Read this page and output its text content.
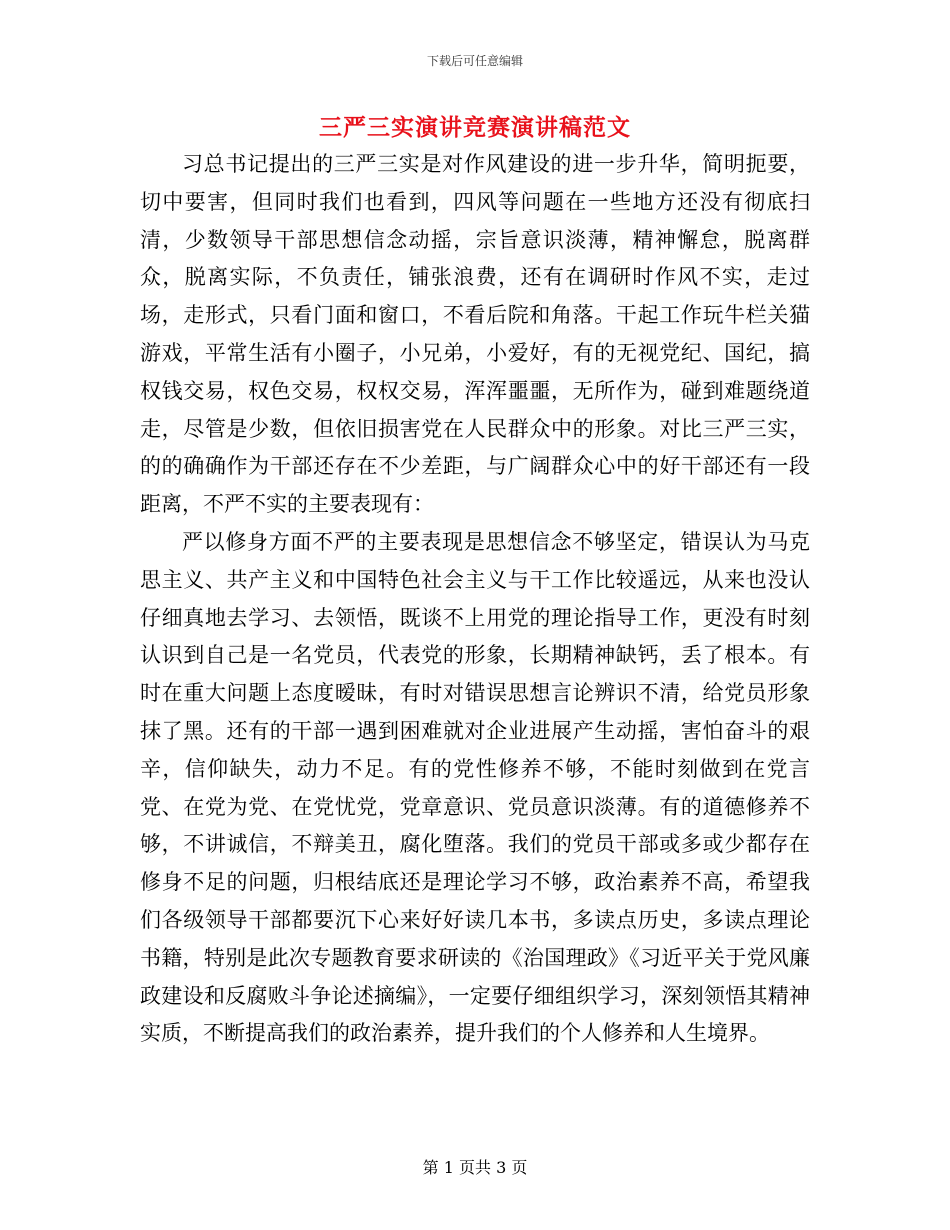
下载后可任意编辑
三严三实演讲竞赛演讲稿范文

习总书记提出的三严三实是对作风建设的进一步升华，简明扼要，切中要害，但同时我们也看到，四风等问题在一些地方还没有彻底扫清，少数领导干部思想信念动摇，宗旨意识淡薄，精神懈怠，脱离群众，脱离实际，不负责任，铺张浪费，还有在调研时作风不实，走过场，走形式，只看门面和窗口，不看后院和角落。干起工作玩牛栏关猫游戏，平常生活有小圈子，小兄弟，小爱好，有的无视党纪、国纪，搞权钱交易，权色交易，权权交易，浑浑噩噩，无所作为，碰到难题绕道走，尽管是少数，但依旧损害党在人民群众中的形象。对比三严三实，的的确确作为干部还存在不少差距，与广阔群众心中的好干部还有一段距离，不严不实的主要表现有：

严以修身方面不严的主要表现是思想信念不够坚定，错误认为马克思主义、共产主义和中国特色社会主义与干工作比较遥远，从来也没认仔细真地去学习、去领悟，既谈不上用党的理论指导工作，更没有时刻认识到自己是一名党员，代表党的形象，长期精神缺钙，丢了根本。有时在重大问题上态度暧昧，有时对错误思想言论辨识不清，给党员形象抹了黑。还有的干部一遇到困难就对企业进展产生动摇，害怕奋斗的艰辛，信仰缺失，动力不足。有的党性修养不够，不能时刻做到在党言党、在党为党、在党忧党，党章意识、党员意识淡薄。有的道德修养不够，不讲诚信，不辩美丑，腐化堕落。我们的党员干部或多或少都存在修身不足的问题，归根结底还是理论学习不够，政治素养不高，希望我们各级领导干部都要沉下心来好好读几本书，多读点历史，多读点理论书籍，特别是此次专题教育要求研读的《治国理政》《习近平关于党风廉政建设和反腐败斗争论述摘编》，一定要仔细组织学习，深刻领悟其精神实质，不断提高我们的政治素养，提升我们的个人修养和人生境界。

第 1 页共 3 页
